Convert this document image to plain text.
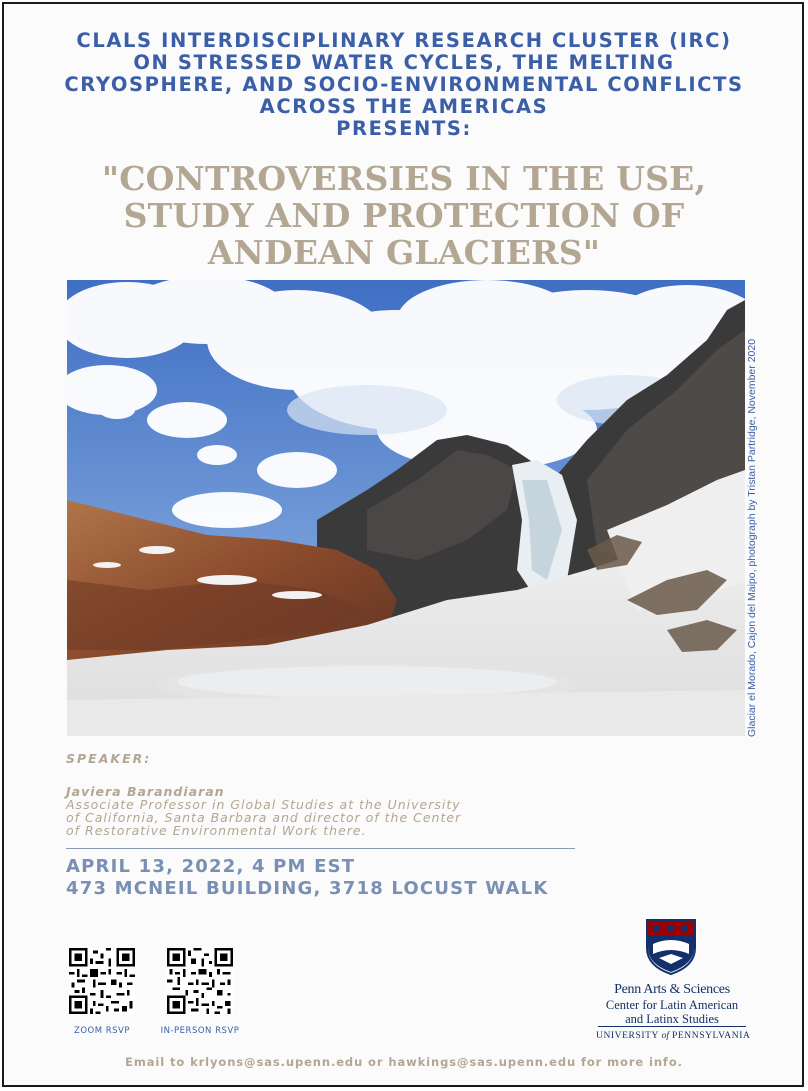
CLALS INTERDISCIPLINARY RESEARCH CLUSTER (IRC)
ON STRESSED WATER CYCLES, THE MELTING
CRYOSPHERE, AND SOCIO-ENVIRONMENTAL CONFLICTS
ACROSS THE AMERICAS
PRESENTS:
"CONTROVERSIES IN THE USE,
STUDY AND PROTECTION OF
ANDEAN GLACIERS"
Glaciar el Morado, Cajon del Maipo, photograph by Tristan Partridge, November 2020
SPEAKER:
Javiera Barandiaran
Associate Professor in Global Studies at the University
of California, Santa Barbara and director of the Center
of Restorative Environmental Work there.
APRIL 13, 2022, 4 PM EST
473 MCNEIL BUILDING, 3718 LOCUST WALK
ZOOM RSVP	IN-PERSON RSVP
Penn Arts & Sciences
Center for Latin American
and Latinx Studies
UNIVERSITY of PENNSYLVANIA
Email to krlyons@sas.upenn.edu or hawkings@sas.upenn.edu for more info.
